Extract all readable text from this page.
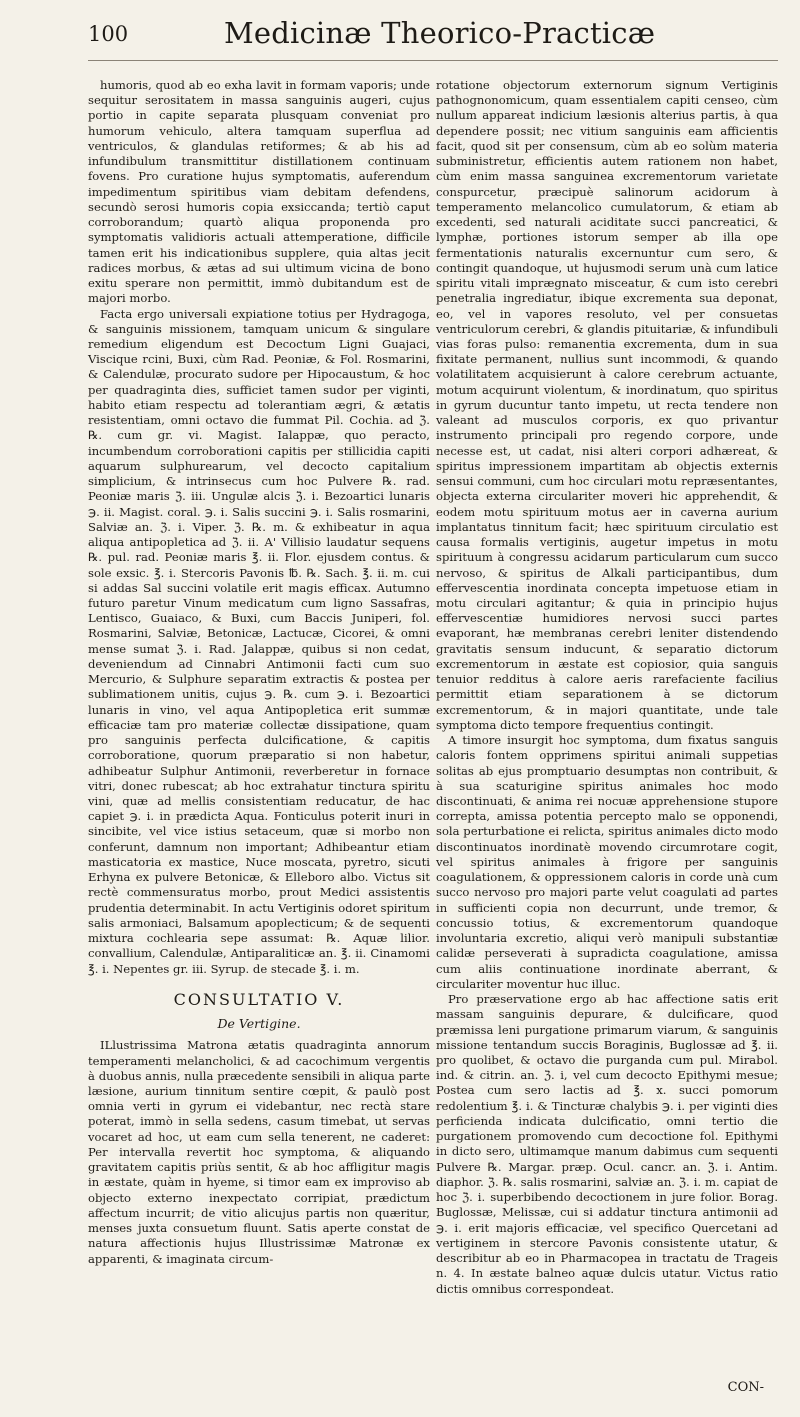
100	Medicinæ Theorico-Practicæ

humoris, quod ab eo exha lavit in formam vaporis; unde sequitur serositatem in massa sanguinis augeri, cujus portio in capite separata plusquam conveniat pro humorum vehiculo, altera tamquam superflua ad ventriculos, & glandulas retiformes; & ab his ad infundibulum transmittitur distillationem continuam fovens. Pro curatione hujus symptomatis, auferendum impedimentum spiritibus viam debitam defendens, secundò serosi humoris copia exsiccanda; tertiò caput corroborandum; quartò aliqua proponenda pro symptomatis validioris actuali attemperatione, difficile tamen erit his indicationibus supplere, quia altas jecit radices morbus, & ætas ad sui ultimum vicina de bono exitu sperare non permittit, immò dubitandum est de majori morbo.

Facta ergo universali expiatione totius per Hydragoga, & sanguinis missionem, tamquam unicum & singulare remedium eligendum est Decoctum Ligni Guajaci, Viscique rcini, Buxi, cùm Rad. Peoniæ, & Fol. Rosmarini, & Calendulæ, procurato sudore per Hipocaustum, & hoc per quadraginta dies, sufficiet tamen sudor per viginti, habito etiam respectu ad tolerantiam ægri, & ætatis resistentiam, omni octavo die fummat Pil. Cochia. ad ℨ. ℞. cum gr. vi. Magist. Ialappæ, quo peracto, incumbendum corroborationi capitis per stillicidia capiti aquarum sulphurearum, vel decocto capitalium simplicium, & intrinsecus cum hoc Pulvere ℞. rad. Peoniæ maris ℨ. iii. Ungulæ alcis ℨ. i. Bezoartici lunaris ℈. ii. Magist. coral. ℈. i. Salis succini ℈. i. Salis rosmarini, Salviæ an. ℨ. i. Viper. ℨ. ℞. m. & exhibeatur in aqua aliqua antipopletica ad ℨ. ii. A' Villisio laudatur sequens ℞. pul. rad. Peoniæ maris ℥. ii. Flor. ejusdem contus. & sole exsic. ℥. i. Stercoris Pavonis ℔. ℞. Sach. ℥. ii. m. cui si addas Sal succini volatile erit magis efficax. Autumno futuro paretur Vinum medicatum cum ligno Sassafras, Lentisco, Guaiaco, & Buxi, cum Baccis Juniperi, fol. Rosmarini, Salviæ, Betonicæ, Lactucæ, Cicorei, & omni mense sumat ℨ. i. Rad. Jalappæ, quibus si non cedat, deveniendum ad Cinnabri Antimonii facti cum suo Mercurio, & Sulphure separatim extractis & postea per sublimationem unitis, cujus ℈. ℞. cum ℈. i. Bezoartici lunaris in vino, vel aqua Antipopletica erit summæ efficaciæ tam pro materiæ collectæ dissipatione, quam pro sanguinis perfecta dulcificatione, & capitis corroboratione, quorum præparatio si non habetur, adhibeatur Sulphur Antimonii, reverberetur in fornace vitri, donec rubescat; ab hoc extrahatur tinctura spiritu vini, quæ ad mellis consistentiam reducatur, de hac capiet ℈. i. in prædicta Aqua. Fonticulus poterit inuri in sincibite, vel vice istius setaceum, quæ si morbo non conferunt, damnum non important; Adhibeantur etiam masticatoria ex mastice, Nuce moscata, pyretro, sicuti Erhyna ex pulvere Betonicæ, & Elleboro albo. Victus sit rectè commensuratus morbo, prout Medici assistentis prudentia determinabit. In actu Vertiginis odoret spiritum salis armoniaci, Balsamum apoplecticum; & de sequenti mixtura cochlearia sepe assumat: ℞. Aquæ lilior. convallium, Calendulæ, Antiparaliticæ an. ℥. ii. Cinamomi ℥. i. Nepentes gr. iii. Syrup. de stecade ℥. i. m.

CONSULTATIO V.
De Vertigine.

ILlustrissima Matrona ætatis quadraginta annorum temperamenti melancholici, & ad cacochimum vergentis à duobus annis, nulla præcedente sensibili in aliqua parte læsione, aurium tinnitum sentire cœpit, & paulò post omnia verti in gyrum ei videbantur, nec rectà stare poterat, immò in sella sedens, casum timebat, ut servas vocaret ad hoc, ut eam cum sella tenerent, ne caderet: Per intervalla revertit hoc symptoma, & aliquando gravitatem capitis priùs sentit, & ab hoc affligitur magis in æstate, quàm in hyeme, si timor eam ex improviso ab objecto externo inexpectato corripiat, prædictum affectum incurrit; de vitio alicujus partis non quæritur, menses juxta consuetum fluunt. Satis aperte constat de natura affectionis hujus Illustrissimæ Matronæ ex apparenti, & imaginata circum-

rotatione objectorum externorum signum Vertiginis pathognonomicum, quam essentialem capiti censeo, cùm nullum appareat indicium læsionis alterius partis, à qua dependere possit; nec vitium sanguinis eam afficientis facit, quod sit per consensum, cùm ab eo solùm materia subministretur, efficientis autem rationem non habet, cùm enim massa sanguinea excrementorum varietate conspurcetur, præcipuè salinorum acidorum à temperamento melancolico cumulatorum, & etiam ab excedenti, sed naturali aciditate succi pancreatici, & lymphæ, portiones istorum semper ab illa ope fermentationis naturalis excernuntur cum sero, & contingit quandoque, ut hujusmodi serum unà cum latice spiritu vitali imprægnato misceatur, & cum isto cerebri penetralia ingrediatur, ibique excrementa sua deponat, eo, vel in vapores resoluto, vel per consuetas ventriculorum cerebri, & glandis pituitariæ, & infundibuli vias foras pulso: remanentia excrementa, dum in sua fixitate permanent, nullius sunt incommodi, & quando volatilitatem acquisierunt à calore cerebrum actuante, motum acquirunt violentum, & inordinatum, quo spiritus in gyrum ducuntur tanto impetu, ut recta tendere non valeant ad musculos corporis, ex quo privantur instrumento principali pro regendo corpore, unde necesse est, ut cadat, nisi alteri corpori adhæreat, & spiritus impressionem impartitam ab objectis externis sensui communi, cum hoc circulari motu repræsentantes, objecta externa circulariter moveri hic apprehendit, & eodem motu spirituum motus aer in caverna aurium implantatus tinnitum facit; hæc spirituum circulatio est causa formalis vertiginis, augetur impetus in motu spirituum à congressu acidarum particularum cum succo nervoso, & spiritus de Alkali participantibus, dum effervescentia inordinata concepta impetuose etiam in motu circulari agitantur; & quia in principio hujus effervescentiæ humidiores nervosi succi partes evaporant, hæ membranas cerebri leniter distendendo gravitatis sensum inducunt, & separatio dictorum excrementorum in æstate est copiosior, quia sanguis tenuior redditus à calore aeris rarefaciente facilius permittit etiam separationem à se dictorum excrementorum, & in majori quantitate, unde tale symptoma dicto tempore frequentius contingit.

A timore insurgit hoc symptoma, dum fixatus sanguis caloris fontem opprimens spiritui animali suppetias solitas ab ejus promptuario desumptas non contribuit, & à sua scaturigine spiritus animales hoc modo discontinuati, & anima rei nocuæ apprehensione stupore correpta, amissa potentia percepto malo se opponendi, sola perturbatione ei relicta, spiritus animales dicto modo discontinuatos inordinatè movendo circumrotare cogit, vel spiritus animales à frigore per sanguinis coagulationem, & oppressionem caloris in corde unà cum succo nervoso pro majori parte velut coagulati ad partes in sufficienti copia non decurrunt, unde tremor, & concussio totius, & excrementorum quandoque involuntaria excretio, aliqui verò manipuli substantiæ calidæ perseverati à supradicta coagulatione, amissa cum aliis continuatione inordinate aberrant, & circulariter moventur huc illuc.

Pro præservatione ergo ab hac affectione satis erit massam sanguinis depurare, & dulcificare, quod præmissa leni purgatione primarum viarum, & sanguinis missione tentandum succis Boraginis, Buglossæ ad ℥. ii. pro quolibet, & octavo die purganda cum pul. Mirabol. ind. & citrin. an. ℨ. i, vel cum decocto Epithymi mesue; Postea cum sero lactis ad ℥. x. succi pomorum redolentium ℥. i. & Tincturæ chalybis ℈. i. per viginti dies perficienda indicata dulcificatio, omni tertio die purgationem promovendo cum decoctione fol. Epithymi in dicto sero, ultimamque manum dabimus cum sequenti Pulvere ℞. Margar. præp. Ocul. cancr. an. ℨ. i. Antim. diaphor. ℨ. ℞. salis rosmarini, salviæ an. ℨ. i. m. capiat de hoc ℨ. i. superbibendo decoctionem in jure folior. Borag. Buglossæ, Melissæ, cui si addatur tinctura antimonii ad ℈. i. erit majoris efficaciæ, vel specifico Quercetani ad vertiginem in stercore Pavonis consistente utatur, & describitur ab eo in Pharmacopea in tractatu de Trageis n. 4. In æstate balneo aquæ dulcis utatur. Victus ratio dictis omnibus correspondeat.

CON-
